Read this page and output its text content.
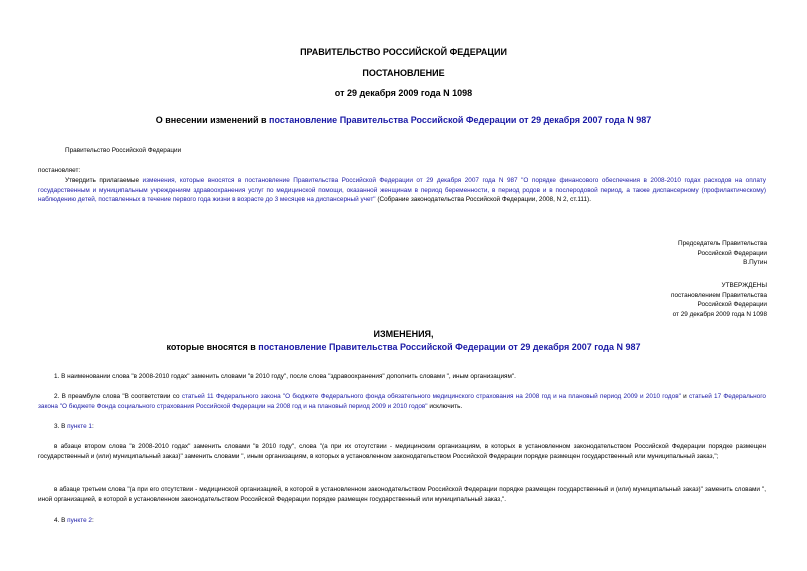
ПРАВИТЕЛЬСТВО РОССИЙСКОЙ ФЕДЕРАЦИИ
ПОСТАНОВЛЕНИЕ
от 29 декабря 2009 года N 1098
О внесении изменений в постановление Правительства Российской Федерации от 29 декабря 2007 года N 987
Правительство Российской Федерации
постановляет:
Утвердить прилагаемые изменения, которые вносятся в постановление Правительства Российской Федерации от 29 декабря 2007 года N 987 "О порядке финансового обеспечения в 2008-2010 годах расходов на оплату государственным и муниципальным учреждениям здравоохранения услуг по медицинской помощи, оказанной женщинам в период беременности, в период родов и в послеродовой период, а также диспансерному (профилактическому) наблюдению детей, поставленных в течение первого года жизни в возрасте до 3 месяцев на диспансерный учет" (Собрание законодательства Российской Федерации, 2008, N 2, ст.111).
Председатель Правительства
Российской Федерации
В.Путин
УТВЕРЖДЕНЫ
постановлением Правительства
Российской Федерации
от 29 декабря 2009 года N 1098
ИЗМЕНЕНИЯ,
которые вносятся в постановление Правительства Российской Федерации от 29 декабря 2007 года N 987
1. В наименовании слова "в 2008-2010 годах" заменить словами "в 2010 году", после слова "здравоохранения" дополнить словами ", иным организациям".
2. В преамбуле слова "В соответствии со статьей 11 Федерального закона "О бюджете Федерального фонда обязательного медицинского страхования на 2008 год и на плановый период 2009 и 2010 годов" и статьей 17 Федерального закона "О бюджете Фонда социального страхования Российской Федерации на 2008 год и на плановый период 2009 и 2010 годов" исключить.
3. В пункте 1:
в абзаце втором слова "в 2008-2010 годах" заменить словами "в 2010 году", слова "(а при их отсутствии - медицинским организациям, в которых в установленном законодательством Российской Федерации порядке размещен государственный и (или) муниципальный заказ)" заменить словами ", иным организациям, в которых в установленном законодательством Российской Федерации порядке размещен государственный или муниципальный заказ,";
в абзаце третьем слова "(а при его отсутствии - медицинской организацией, в которой в установленном законодательством Российской Федерации порядке размещен государственный и (или) муниципальный заказ)" заменить словами ", иной организацией, в которой в установленном законодательством Российской Федерации порядке размещен государственный или муниципальный заказ,".
4. В пункте 2:
